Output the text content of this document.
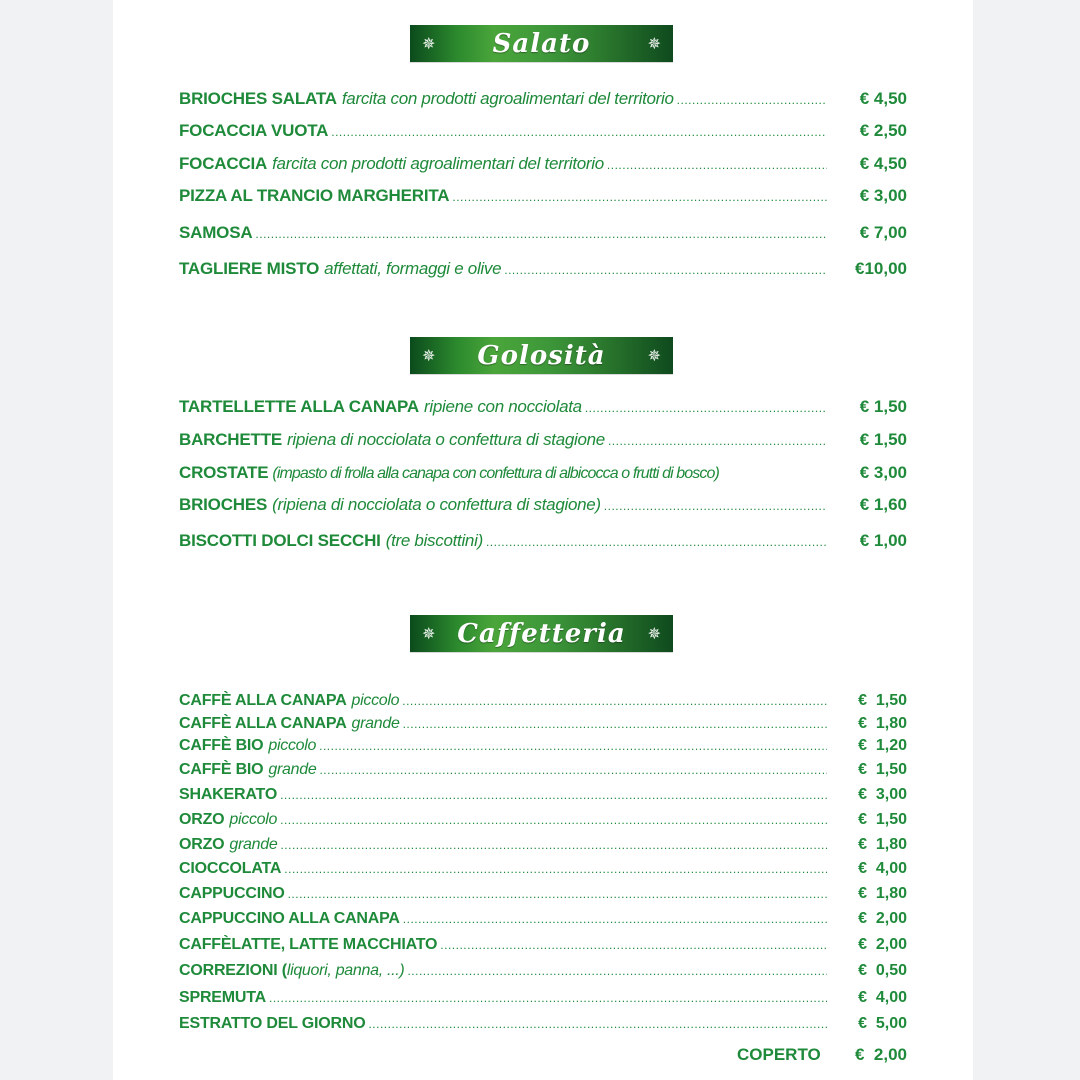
✵ Salato	✵
BRIOCHES SALATA farcita con prodotti agroalimentari del territorio .....	€ 4,50
FOCACCIA VUOTA .....	€ 2,50
FOCACCIA farcita con prodotti agroalimentari del territorio .....	€ 4,50
PIZZA AL TRANCIO MARGHERITA .....	€ 3,00
SAMOSA .....	€ 7,00
TAGLIERE MISTO affettati, formaggi e olive .....	€10,00
✵ Golosità	✵
TARTELLETTE ALLA CANAPA ripiene con nocciolata .....	€ 1,50
BARCHETTE ripiena di nocciolata o confettura di stagione .....	€ 1,50
CROSTATE (impasto di frolla alla canapa con confettura di albicocca o frutti di bosco)	€ 3,00
BRIOCHES (ripiena di nocciolata o confettura di stagione) .....	€ 1,60
BISCOTTI DOLCI SECCHI (tre biscottini) .....	€ 1,00
✵ Caffetteria ✵
CAFFÈ ALLA CANAPA piccolo .....	€  1,50
CAFFÈ ALLA CANAPA grande .....	€  1,80
CAFFÈ BIO piccolo .....	€  1,20
CAFFÈ BIO grande .....	€  1,50
SHAKERATO .....	€  3,00
ORZO piccolo .....	€  1,50
ORZO grande .....	€  1,80
CIOCCOLATA .....	€  4,00
CAPPUCCINO .....	€  1,80
CAPPUCCINO ALLA CANAPA .....	€  2,00
CAFFÈLATTE, LATTE MACCHIATO .....	€  2,00
CORREZIONI ( liquori, panna, ...) .....	€  0,50
SPREMUTA .....	€  4,00
ESTRATTO DEL GIORNO .....	€  5,00
COPERTO €  2,00
